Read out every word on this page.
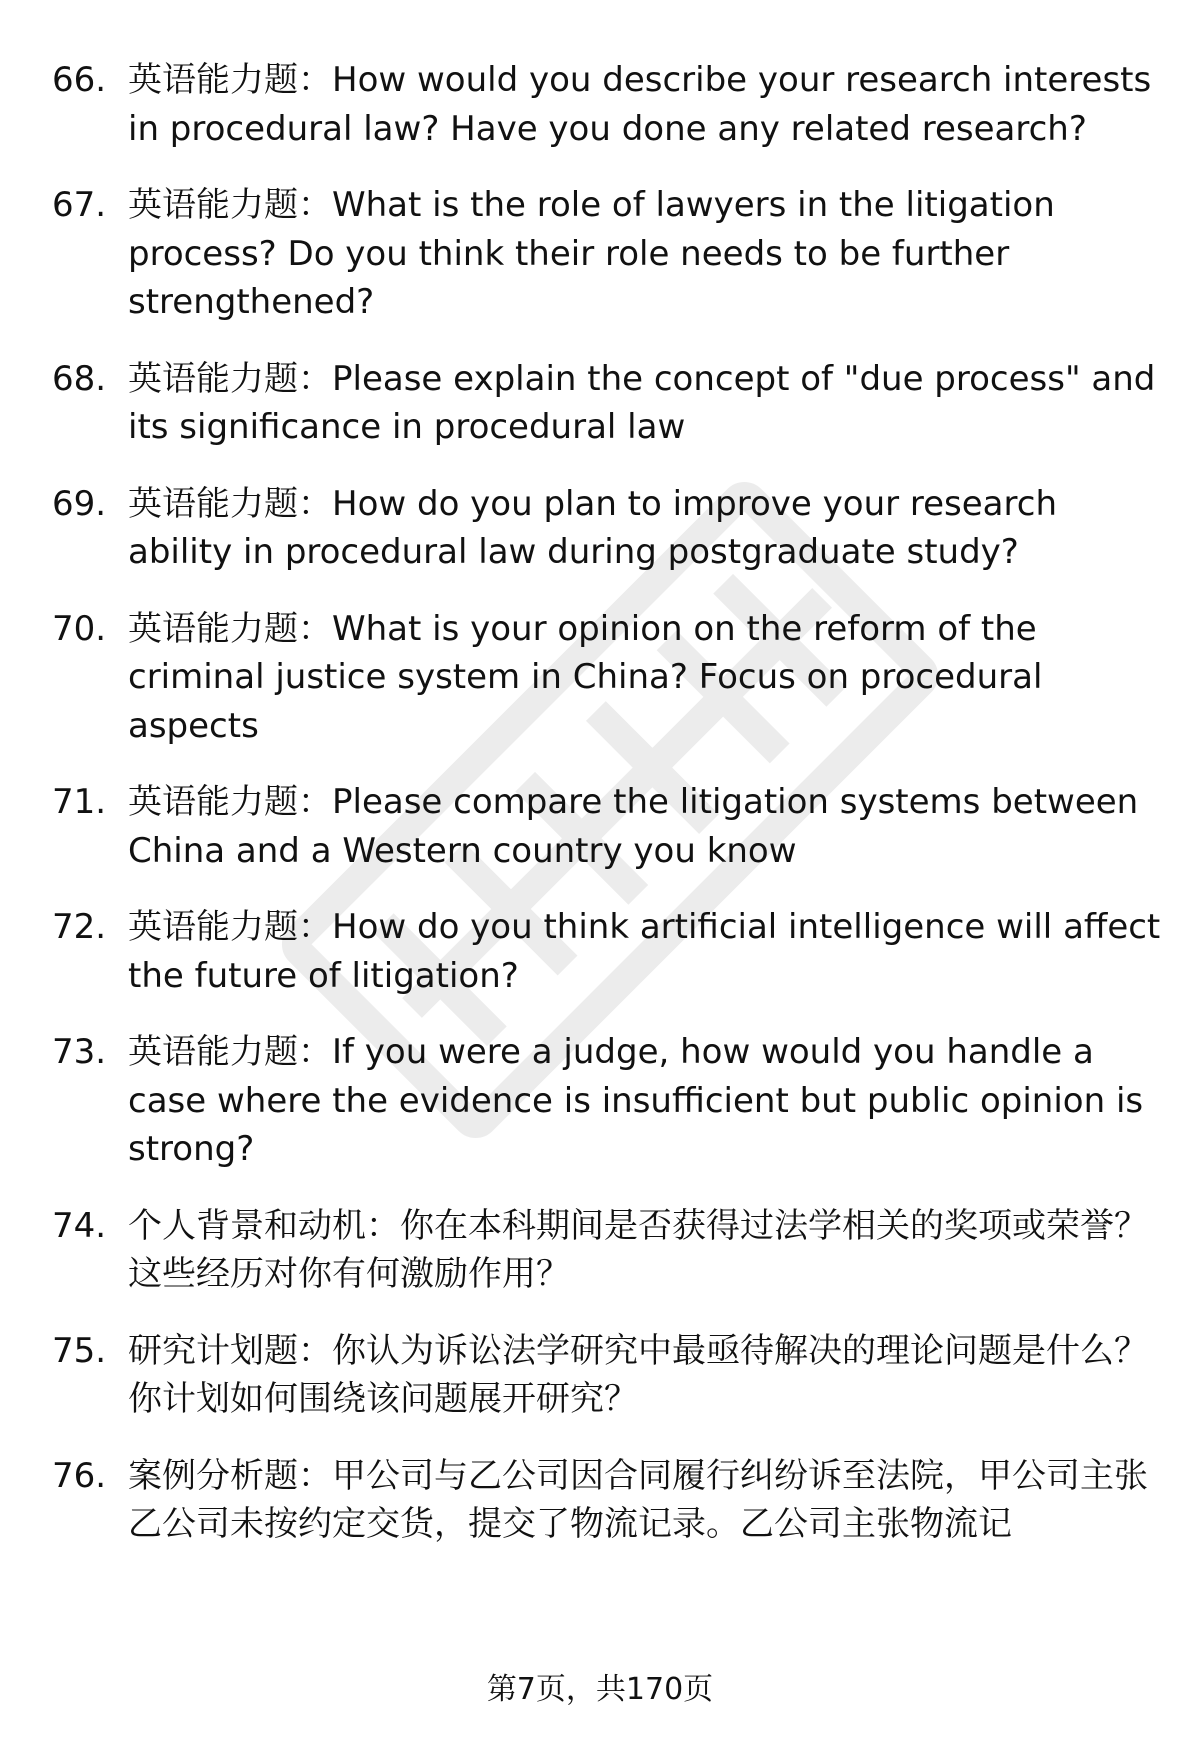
66. 英语能力题：How would you describe your research interests in procedural law? Have you done any related research?
67. 英语能力题：What is the role of lawyers in the litigation process? Do you think their role needs to be further strengthened?
68. 英语能力题：Please explain the concept of "due process" and its significance in procedural law
69. 英语能力题：How do you plan to improve your research ability in procedural law during postgraduate study?
70. 英语能力题：What is your opinion on the reform of the criminal justice system in China? Focus on procedural aspects
71. 英语能力题：Please compare the litigation systems between China and a Western country you know
72. 英语能力题：How do you think artificial intelligence will affect the future of litigation?
73. 英语能力题：If you were a judge, how would you handle a case where the evidence is insufficient but public opinion is strong?
74. 个人背景和动机：你在本科期间是否获得过法学相关的奖项或荣誉？这些经历对你有何激励作用？
75. 研究计划题：你认为诉讼法学研究中最亟待解决的理论问题是什么？你计划如何围绕该问题展开研究？
76. 案例分析题：甲公司与乙公司因合同履行纠纷诉至法院，甲公司主张乙公司未按约定交货，提交了物流记录。乙公司主张物流记
第7页，共170页
